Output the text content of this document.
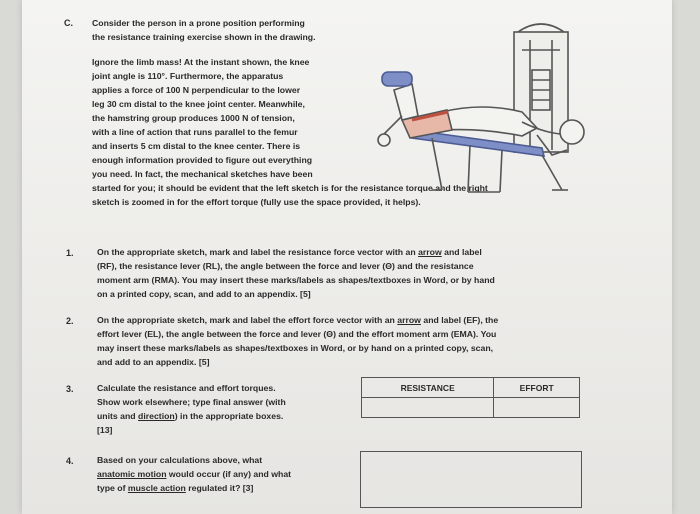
C. Consider the person in a prone position performing
the resistance training exercise shown in the drawing.
Ignore the limb mass! At the instant shown, the knee
joint angle is 110°. Furthermore, the apparatus
applies a force of 100 N perpendicular to the lower
leg 30 cm distal to the knee joint center. Meanwhile,
the hamstring group produces 1000 N of tension,
with a line of action that runs parallel to the femur
and inserts 5 cm distal to the knee center. There is
enough information provided to figure out everything
you need. In fact, the mechanical sketches have been
started for you; it should be evident that the left sketch is for the resistance torque and the right
sketch is zoomed in for the effort torque (fully use the space provided, it helps).
1.	On the appropriate sketch, mark and label the resistance force vector with an arrow and label
(RF), the resistance lever (RL), the angle between the force and lever (Θ) and the resistance
moment arm (RMA). You may insert these marks/labels as shapes/textboxes in Word, or by hand
on a printed copy, scan, and add to an appendix. [5]
2.	On the appropriate sketch, mark and label the effort force vector with an arrow and label (EF), the
effort lever (EL), the angle between the force and lever (Θ) and the effort moment arm (EMA). You
may insert these marks/labels as shapes/textboxes in Word, or by hand on a printed copy, scan,
and add to an appendix. [5]
3.	Calculate the resistance and effort torques.
Show work elsewhere; type final answer (with
units and direction) in the appropriate boxes.
[13]
RESISTANCE	EFFORT

4.	Based on your calculations above, what
anatomic motion would occur (if any) and what
type of muscle action regulated it? [3]
